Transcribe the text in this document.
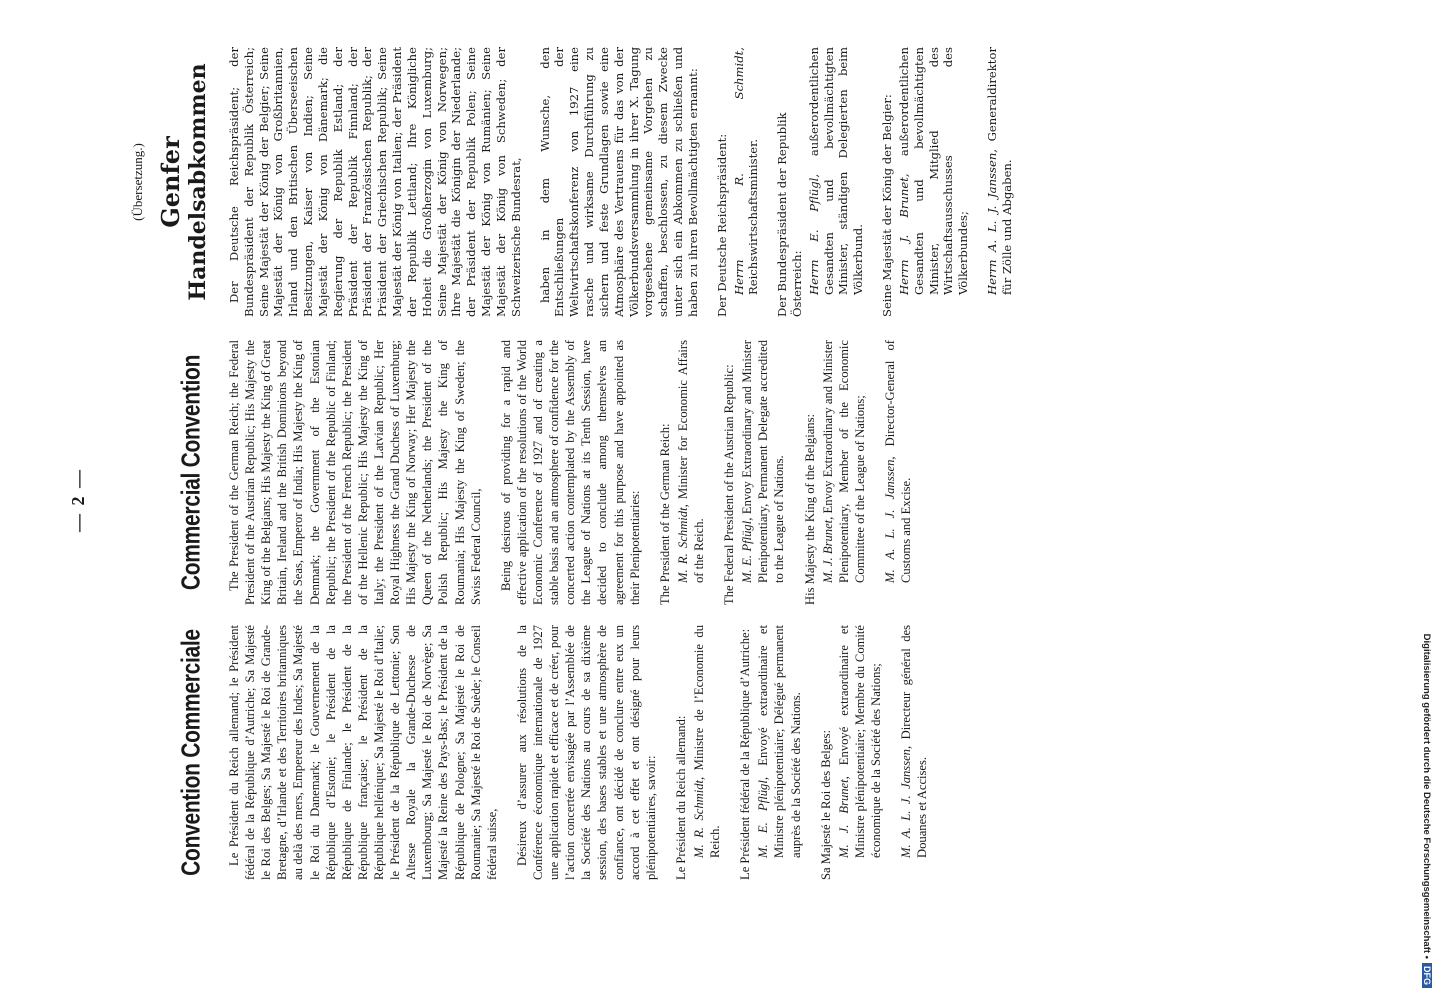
— 2 —
Convention Commerciale Le Président du Reich allemand; le Président fédéral de la République d’Autriche; Sa Majesté le Roi des Belges; Sa Majesté le Roi de Grande-Bretagne, d’Irlande et des Territoires britanniques au delà des mers, Empereur des Indes; Sa Majesté le Roi du Danemark; le Gouvernement de la République d’Estonie; le Président de la République de Finlande; le Président de la République française; le Président de la République hellénique; Sa Majesté le Roi d’Italie; le Président de la République de Lettonie; Son Altesse Royale la Grande-Duchesse de Luxembourg; Sa Majesté le Roi de Norvège; Sa Majesté la Reine des Pays-Bas; le Président de la République de Pologne; Sa Majesté le Roi de Roumanie; Sa Majesté le Roi de Suède; le Conseil fédéral suisse, Désireux d’assurer aux résolutions de la Conférence économique internationale de 1927 une application rapide et efficace et de créer, pour l’action concertée envisagée par l’Assemblée de la Société des Nations au cours de sa dixième session, des bases stables et une atmosphère de confiance, ont décidé de conclure entre eux un accord à cet effet et ont désigné pour leurs plénipotentiaires, savoir: Le Président du Reich allemand: M. R. Schmidt, Ministre de l’Economie du Reich. Le Président fédéral de la République d’Autriche: M. E. Pflügl, Envoyé extraordinaire et Ministre plénipotentiaire; Délégué permanent auprès de la Société des Nations. Sa Majesté le Roi des Belges: M. J. Brunet, Envoyé extraordinaire et Ministre plénipotentiaire; Membre du Comité économique de la Société des Nations; M. A. L. J. Janssen, Directeur général des Douanes et Accises.
Commercial Convention The President of the German Reich; the Federal President of the Austrian Republic; His Majesty the King of the Belgians; His Majesty the King of Great Britain, Ireland and the British Dominions beyond the Seas, Emperor of India; His Majesty the King of Denmark; the Government of the Estonian Republic; the President of the Republic of Finland; the President of the French Republic; the President of the Hellenic Republic; His Majesty the King of Italy; the President of the Latvian Republic; Her Royal Highness the Grand Duchess of Luxemburg; His Majesty the King of Norway; Her Majesty the Queen of the Netherlands; the President of the Polish Republic; His Majesty the King of Roumania; His Majesty the King of Sweden; the Swiss Federal Council, Being desirous of providing for a rapid and effective application of the resolutions of the World Economic Conference of 1927 and of creating a stable basis and an atmosphere of confidence for the concerted action contemplated by the Assembly of the League of Nations at its Tenth Session, have decided to conclude among themselves an agreement for this purpose and have appointed as their Plenipotentiaries: The President of the German Reich: M. R. Schmidt, Minister for Economic Affairs of the Reich. The Federal President of the Austrian Republic: M. E. Pflügl, Envoy Extraordinary and Minister Plenipotentiary, Permanent Delegate accredited to the League of Nations. His Majesty the King of the Belgians: M. J. Brunet, Envoy Extraordinary and Minister Plenipotentiary, Member of the Economic Committee of the League of Nations; M. A. L. J. Janssen, Director-General of Customs and Excise.
(Übersetzung.) Genfer Handelsabkommen Der Deutsche Reichspräsident; der Bundespräsident der Republik Österreich; Seine Majestät der König der Belgier; Seine Majestät der König von Großbritannien, Irland und den Britischen Überseeischen Besitzungen, Kaiser von Indien; Seine Majestät der König von Dänemark; die Regierung der Republik Estland; der Präsident der Republik Finnland; der Präsident der Französischen Republik; der Präsident der Griechischen Republik; Seine Majestät der König von Italien; der Präsident der Republik Lettland; Ihre Königliche Hoheit die Großherzogin von Luxemburg; Seine Majestät der König von Norwegen; Ihre Majestät die Königin der Niederlande; der Präsident der Republik Polen; Seine Majestät der König von Rumänien; Seine Majestät der König von Schweden; der Schweizerische Bundesrat, haben in dem Wunsche, den Entschließungen der Weltwirtschaftskonferenz von 1927 eine rasche und wirksame Durchführung zu sichern und feste Grundlagen sowie eine Atmosphäre des Vertrauens für das von der Völkerbundsversammlung in ihrer X. Tagung vorgesehene gemeinsame Vorgehen zu schaffen, beschlossen, zu diesem Zwecke unter sich ein Abkommen zu schließen und haben zu ihren Bevollmächtigten ernannt: Der Deutsche Reichspräsident: Herrn R. Schmidt, Reichswirtschaftsminister. Der Bundespräsident der Republik Österreich: Herrn E. Pflügl, außerordentlichen Gesandten und bevollmächtigten Minister, ständigen Delegierten beim Völkerbund. Seine Majestät der König der Belgier: Herrn J. Brunet, außerordentlichen Gesandten und bevollmächtigten Minister, Mitglied des Wirtschaftsausschusses des Völkerbundes; Herrn A. L. J. Janssen, Generaldirektor für Zölle und Abgaben.
Digitalisierung gefördert durch die Deutsche Forschungsgemeinschaft •DFG
